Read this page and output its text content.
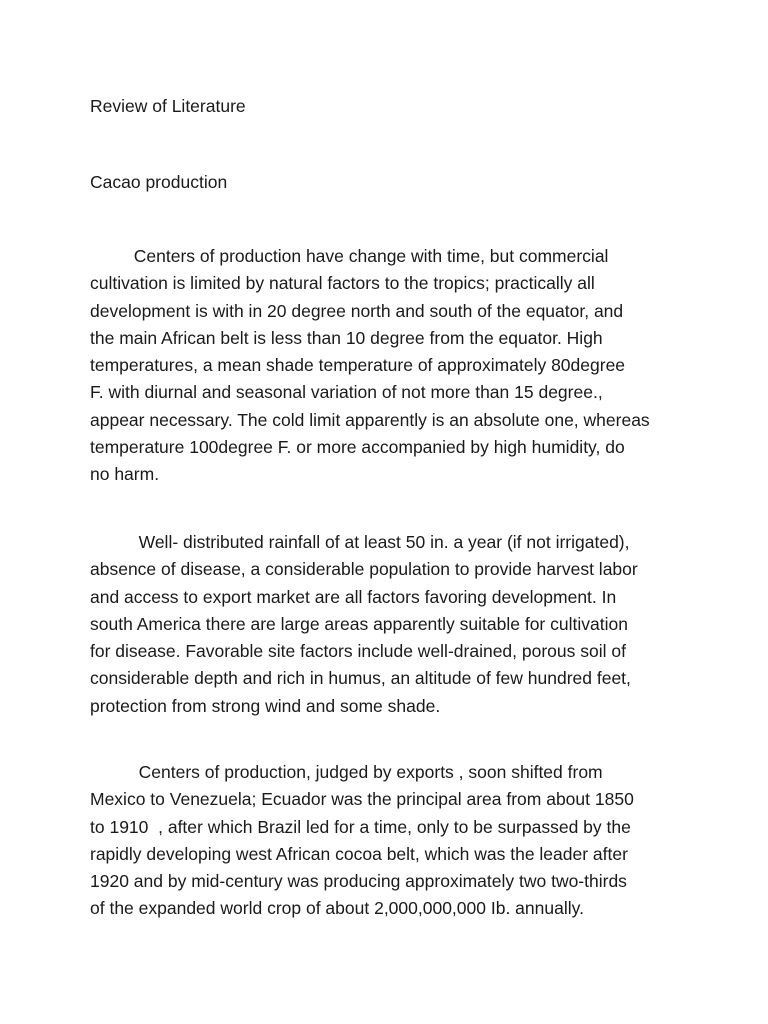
Review of Literature
Cacao production

Centers of production have change with time, but commercial
cultivation is limited by natural factors to the tropics; practically all
development is with in 20 degree north and south of the equator, and
the main African belt is less than 10 degree from the equator. High
temperatures, a mean shade temperature of approximately 80degree
F. with diurnal and seasonal variation of not more than 15 degree.,
appear necessary. The cold limit apparently is an absolute one, whereas
temperature 100degree F. or more accompanied by high humidity, do
no harm.

Well- distributed rainfall of at least 50 in. a year (if not irrigated),
absence of disease, a considerable population to provide harvest labor
and access to export market are all factors favoring development. In
south America there are large areas apparently suitable for cultivation
for disease. Favorable site factors include well-drained, porous soil of
considerable depth and rich in humus, an altitude of few hundred feet,
protection from strong wind and some shade.

Centers of production, judged by exports , soon shifted from
Mexico to Venezuela; Ecuador was the principal area from about 1850
to 1910  , after which Brazil led for a time, only to be surpassed by the
rapidly developing west African cocoa belt, which was the leader after
1920 and by mid-century was producing approximately two two-thirds
of the expanded world crop of about 2,000,000,000 Ib. annually.
